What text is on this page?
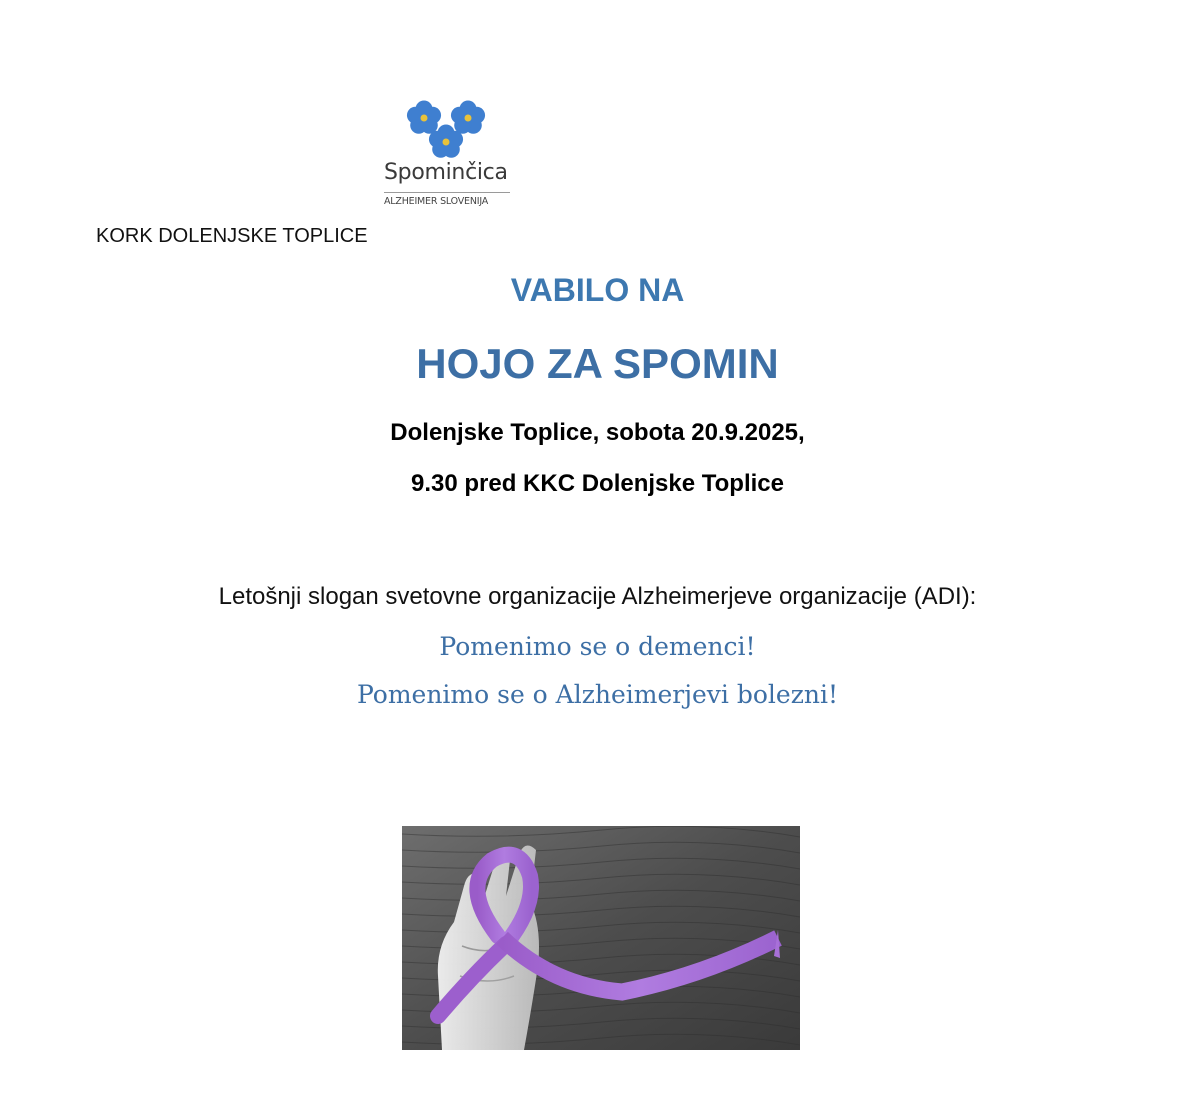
Spominčica
ALZHEIMER SLOVENIJA
KORK DOLENJSKE TOPLICE
VABILO NA
HOJO ZA SPOMIN
Dolenjske Toplice, sobota 20.9.2025,
9.30 pred KKC Dolenjske Toplice
Letošnji slogan svetovne organizacije Alzheimerjeve organizacije (ADI):
Pomenimo se o demenci!
Pomenimo se o Alzheimerjevi bolezni!
